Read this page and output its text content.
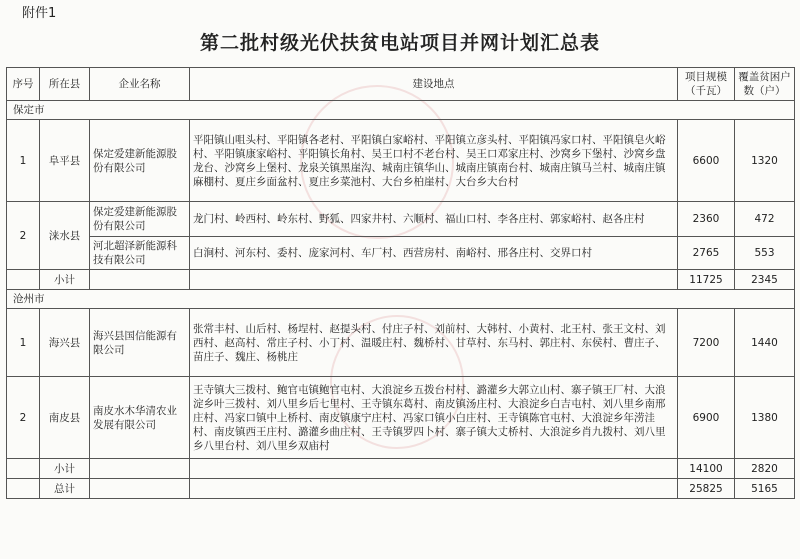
附件1
第二批村级光伏扶贫电站项目并网计划汇总表
序号	所在县	企业名称	建设地点	项目规模（千瓦）	覆盖贫困户数（户）
保定市					
1	阜平县	保定爱建新能源股份有限公司	平阳镇山咀头村、平阳镇各老村、平阳镇白家峪村、平阳镇立彦头村、平阳镇冯家口村、平阳镇皂火峪村、平阳镇康家峪村、平阳镇长角村、吴王口村不老台村、吴王口邓家庄村、沙窝乡下堡村、沙窝乡盘龙台、沙窝乡上堡村、龙泉关镇黑崖沟、城南庄镇华山、城南庄镇南台村、城南庄镇马兰村、城南庄镇麻棚村、夏庄乡面盆村、夏庄乡菜池村、大台乡柏崖村、大台乡大台村	6600	1320
2	涞水县	保定爱建新能源股份有限公司	龙门村、岭西村、岭东村、野狐、四家井村、六顺村、福山口村、李各庄村、郭家峪村、赵各庄村	2360	472
		河北超泽新能源科技有限公司	白涧村、河东村、委村、庞家河村、车厂村、西营房村、南峪村、邢各庄村、交界口村	2765	553
	小计			11725	2345
沧州市					
1	海兴县	海兴县国信能源有限公司	张常丰村、山后村、杨埕村、赵提头村、付庄子村、刘前村、大韩村、小黄村、北王村、张王文村、刘西村、赵高村、常庄子村、小丁村、温暖庄村、魏桥村、甘草村、东马村、郭庄村、东侯村、曹庄子、苗庄子、魏庄、杨桃庄	7200	1440
2	南皮县	南皮水木华清农业发展有限公司	王寺镇大三拨村、鲍官屯镇鲍官屯村、大浪淀乡五拨台村村、潞灌乡大郭立山村、寨子镇王厂村、大浪淀乡叶三拨村、刘八里乡后七里村、王寺镇东葛村、南皮镇汤庄村、大浪淀乡白吉屯村、刘八里乡南邢庄村、冯家口镇中上桥村、南皮镇康宁庄村、冯家口镇小白庄村、王寺镇陈官屯村、大浪淀乡年涝洼村、南皮镇西王庄村、潞灌乡曲庄村、王寺镇罗四卜村、寨子镇大丈桥村、大浪淀乡肖九拨村、刘八里乡八里台村、刘八里乡双庙村	6900	1380
	小计			14100	2820
	总计			25825	5165
